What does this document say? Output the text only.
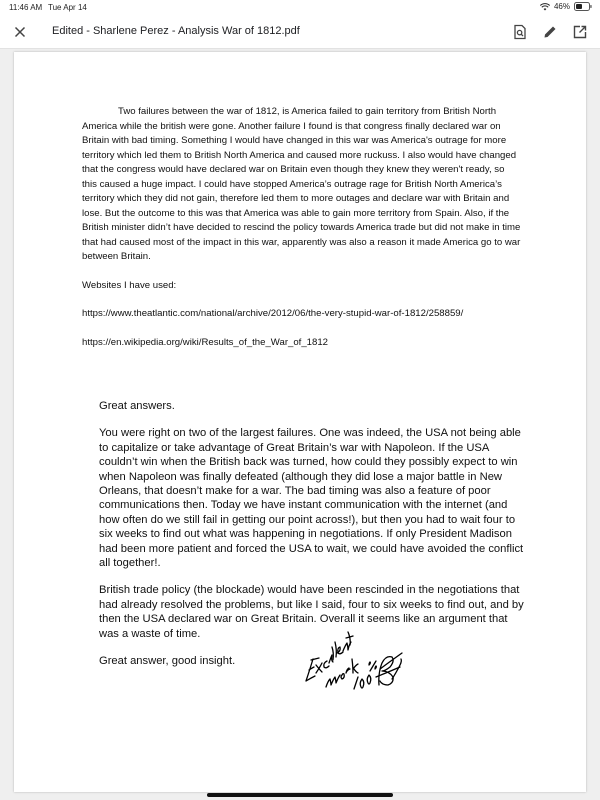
11:46 AM Tue Apr 14	46%
Edited - Sharlene Perez - Analysis War of 1812.pdf

Two failures between the war of 1812, is America failed to gain territory from British North America while the british were gone. Another failure I found is that congress finally declared war on Britain with bad timing. Something I would have changed in this war was America's outrage for more territory which led them to British North America and caused more ruckuss. I also would have changed that the congress would have declared war on Britain even though they knew they weren't ready, so this caused a huge impact. I could have stopped America’s outrage rage for British North America’s territory which they did not gain, therefore led them to more outages and declare war with Britain and lose. But the outcome to this was that America was able to gain more territory from Spain. Also, if the British minister didn’t have decided to rescind the policy towards America trade but did not make in time that had caused most of the impact in this war, apparently was also a reason it made America go to war between Britain.

Websites I have used:

https://www.theatlantic.com/national/archive/2012/06/the-very-stupid-war-of-1812/258859/

https://en.wikipedia.org/wiki/Results_of_the_War_of_1812

Great answers.

You were right on two of the largest failures. One was indeed, the USA not being able to capitalize or take advantage of Great Britain’s war with Napoleon. If the USA couldn’t win when the British back was turned, how could they possibly expect to win when Napoleon was finally defeated (although they did lose a major battle in New Orleans, that doesn’t make for a war. The bad timing was also a feature of poor communications then. Today we have instant communication with the internet (and how often do we still fail in getting our point across!), but then you had to wait four to six weeks to find out what was happening in negotiations. If only President Madison had been more patient and forced the USA to wait, we could have avoided the conflict all together!.

British trade policy (the blockade) would have been rescinded in the negotiations that had already resolved the problems, but like I said, four to six weeks to find out, and by then the USA declared war on Great Britain. Overall it seems like an argument that was a waste of time.

Great answer, good insight.
